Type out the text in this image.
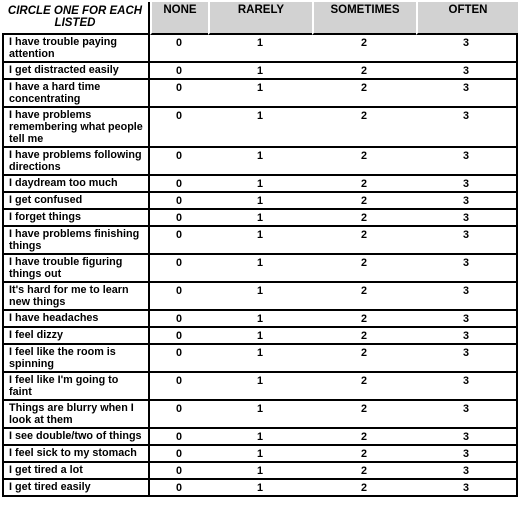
CIRCLE ONE FOR EACH LISTED	NONE	RARELY	SOMETIMES	OFTEN
I have trouble paying attention	0	1	2	3
I get distracted easily	0	1	2	3
I have a hard time concentrating	0	1	2	3
I have problems remembering what people tell me	0	1	2	3
I have problems following directions	0	1	2	3
I daydream too much	0	1	2	3
I get confused	0	1	2	3
I forget things	0	1	2	3
I have problems finishing things	0	1	2	3
I have trouble figuring things out	0	1	2	3
It's hard for me to learn new things	0	1	2	3
I have headaches	0	1	2	3
I feel dizzy	0	1	2	3
I feel like the room is spinning	0	1	2	3
I feel like I'm going to faint	0	1	2	3
Things are blurry when I look at them	0	1	2	3
I see double/two of things	0	1	2	3
I feel sick to my stomach	0	1	2	3
I get tired a lot	0	1	2	3
I get tired easily	0	1	2	3
